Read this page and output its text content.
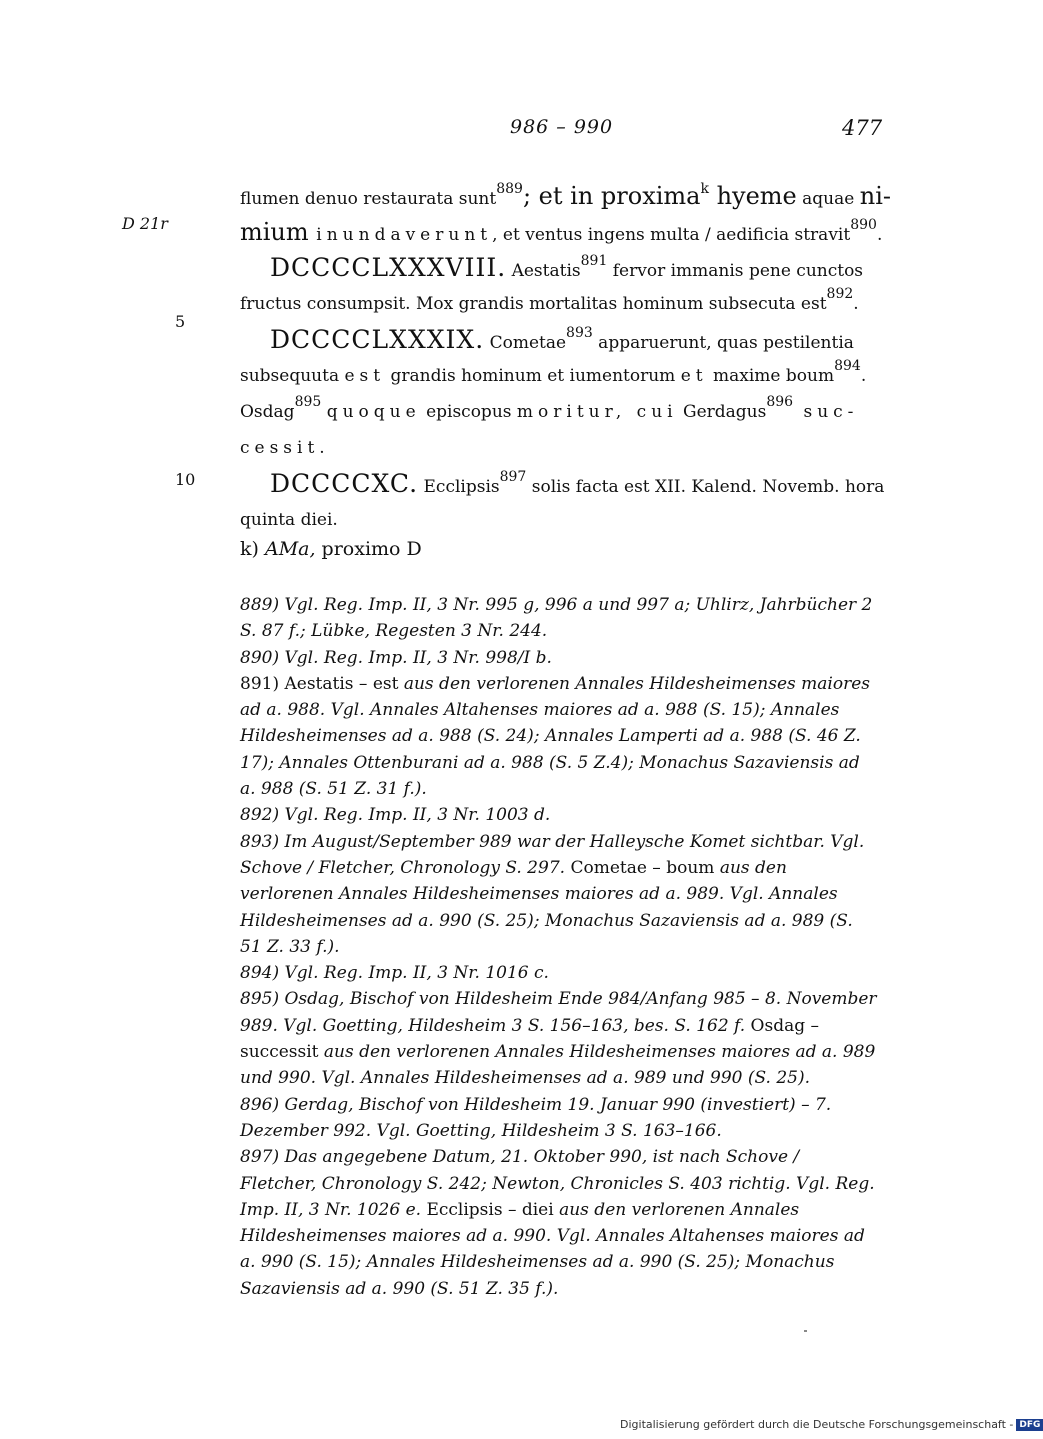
986 – 990	477
D 21r
5
10
flumen denuo restaurata sunt$^{889}$; et in proxima$^k$ hyeme aquae ni-
mium inundaverunt, et ventus ingens multa / aedificia stravit$^{890}$.
DCCCCLXXXVIII. Aestatis$^{891}$ fervor immanis pene cunctos
fructus consumpsit. Mox grandis mortalitas hominum subsecuta est$^{892}$.
DCCCCLXXXIX. Cometae$^{893}$ apparuerunt, quas pestilentia
subsequuta est grandis hominum et iumentorum et maxime boum$^{894}$.
Osdag$^{895}$ quoque episcopus moritur, cui Gerdagus$^{896}$ suc-
cessit.
DCCCCXC. Ecclipsis$^{897}$ solis facta est XII. Kalend. Novemb. hora
quinta diei.
k) AMa, proximo D

889) Vgl. Reg. Imp. II, 3 Nr. 995 g, 996 a und 997 a; Uhlirz, Jahrbücher 2 S. 87 f.; Lübke, Regesten 3 Nr. 244.

890) Vgl. Reg. Imp. II, 3 Nr. 998/I b.

891) Aestatis – est aus den verlorenen Annales Hildesheimenses maiores ad a. 988. Vgl. Annales Altahenses maiores ad a. 988 (S. 15); Annales Hildesheimenses ad a. 988 (S. 24); Annales Lamperti ad a. 988 (S. 46 Z. 17); Annales Ottenburani ad a. 988 (S. 5 Z.4); Monachus Sazaviensis ad a. 988 (S. 51 Z. 31 f.).

892) Vgl. Reg. Imp. II, 3 Nr. 1003 d.

893) Im August/September 989 war der Halleysche Komet sichtbar. Vgl. Schove / Fletcher, Chronology S. 297. Cometae – boum aus den verlorenen Annales Hildesheimenses maiores ad a. 989. Vgl. Annales Hildesheimenses ad a. 990 (S. 25); Monachus Sazaviensis ad a. 989 (S. 51 Z. 33 f.).

894) Vgl. Reg. Imp. II, 3 Nr. 1016 c.

895) Osdag, Bischof von Hildesheim Ende 984/Anfang 985 – 8. November 989. Vgl. Goetting, Hildesheim 3 S. 156–163, bes. S. 162 f. Osdag – successit aus den verlorenen Annales Hildesheimenses maiores ad a. 989 und 990. Vgl. Annales Hildesheimenses ad a. 989 und 990 (S. 25).

896) Gerdag, Bischof von Hildesheim 19. Januar 990 (investiert) – 7. Dezember 992. Vgl. Goetting, Hildesheim 3 S. 163–166.

897) Das angegebene Datum, 21. Oktober 990, ist nach Schove / Fletcher, Chronology S. 242; Newton, Chronicles S. 403 richtig. Vgl. Reg. Imp. II, 3 Nr. 1026 e. Ecclipsis – diei aus den verlorenen Annales Hildesheimenses maiores ad a. 990. Vgl. Annales Altahenses maiores ad a. 990 (S. 15); Annales Hildesheimenses ad a. 990 (S. 25); Monachus Sazaviensis ad a. 990 (S. 51 Z. 35 f.).

Digitalisierung gefördert durch die Deutsche Forschungsgemeinschaft - DFG
